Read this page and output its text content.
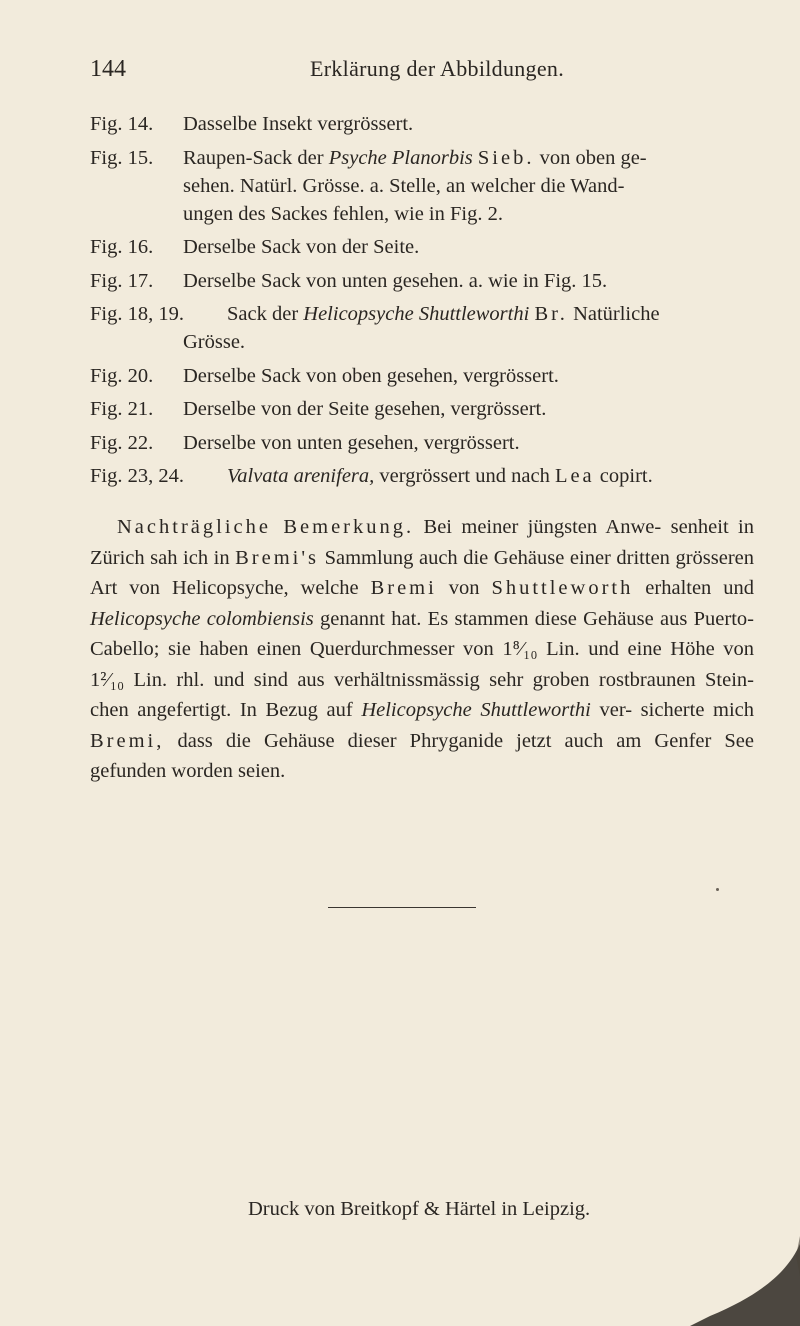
144	Erklärung der Abbildungen.
Fig. 14. Dasselbe Insekt vergrössert.
Fig. 15. Raupen-Sack der Psyche Planorbis Sieb. von oben ge-
sehen. Natürl. Grösse. a. Stelle, an welcher die Wand-
ungen des Sackes fehlen, wie in Fig. 2.
Fig. 16. Derselbe Sack von der Seite.
Fig. 17. Derselbe Sack von unten gesehen. a. wie in Fig. 15.
Fig. 18, 19. Sack der Helicopsyche Shuttleworthi Br. Natürliche
Grösse.
Fig. 20. Derselbe Sack von oben gesehen, vergrössert.
Fig. 21. Derselbe von der Seite gesehen, vergrössert.
Fig. 22. Derselbe von unten gesehen, vergrössert.
Fig. 23, 24. Valvata arenifera, vergrössert und nach Lea copirt.
Nachträgliche Bemerkung. Bei meiner jüngsten Anwe- senheit in Zürich sah ich in Bremi's Sammlung auch die Gehäuse einer dritten grösseren Art von Helicopsyche, welche Bremi von Shuttleworth erhalten und Helicopsyche colombiensis genannt hat. Es stammen diese Gehäuse aus Puerto-Cabello; sie haben einen Querdurchmesser von 1⁸⁄₁₀ Lin. und eine Höhe von 1²⁄₁₀ Lin. rhl. und sind aus verhältnissmässig sehr groben rostbraunen Stein- chen angefertigt. In Bezug auf Helicopsyche Shuttleworthi ver- sicherte mich Bremi, dass die Gehäuse dieser Phryganide jetzt auch am Genfer See gefunden worden seien.
Druck von Breitkopf & Härtel in Leipzig.
